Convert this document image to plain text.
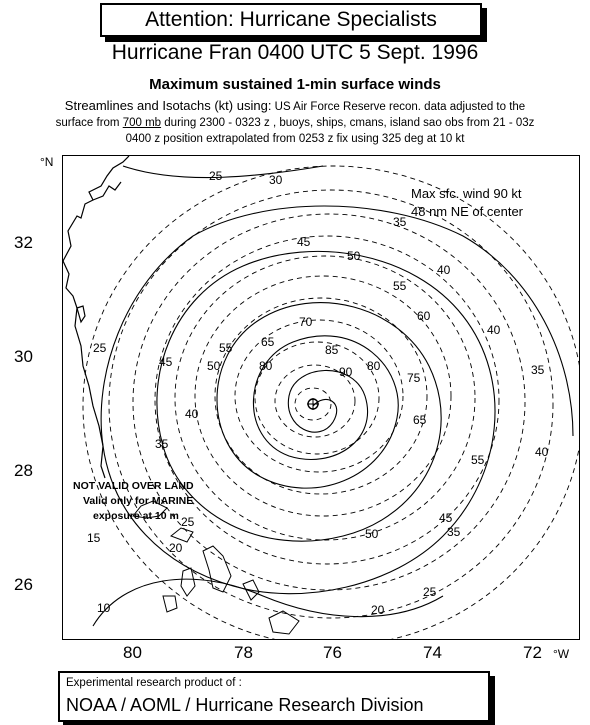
Attention: Hurricane Specialists
Hurricane Fran 0400 UTC 5 Sept. 1996
Maximum sustained 1-min surface winds
Streamlines and Isotachs (kt) using: US Air Force Reserve recon. data adjusted to the
surface from 700 mb during 2300 - 0323 z , buoys, ships, cmans, island sao obs from 21 - 03z
0400 z position extrapolated from 0253 z fix using 325 deg at 10 kt
32
30
28
26
°N
80	78	76	74	72 °W
25	30
35
40
45
50
55
60
65
70
75
80
85
90	35
40
55
65
50
45
35
25
20
40
25
45
40
35
50
55
80
25
20
10
15
Max sfc. wind 90 kt
48 nm NE of center
NOT VALID OVER LAND
Valid only for MARINE
exposure at 10 m
Experimental research product of :
NOAA / AOML / Hurricane Research Division
